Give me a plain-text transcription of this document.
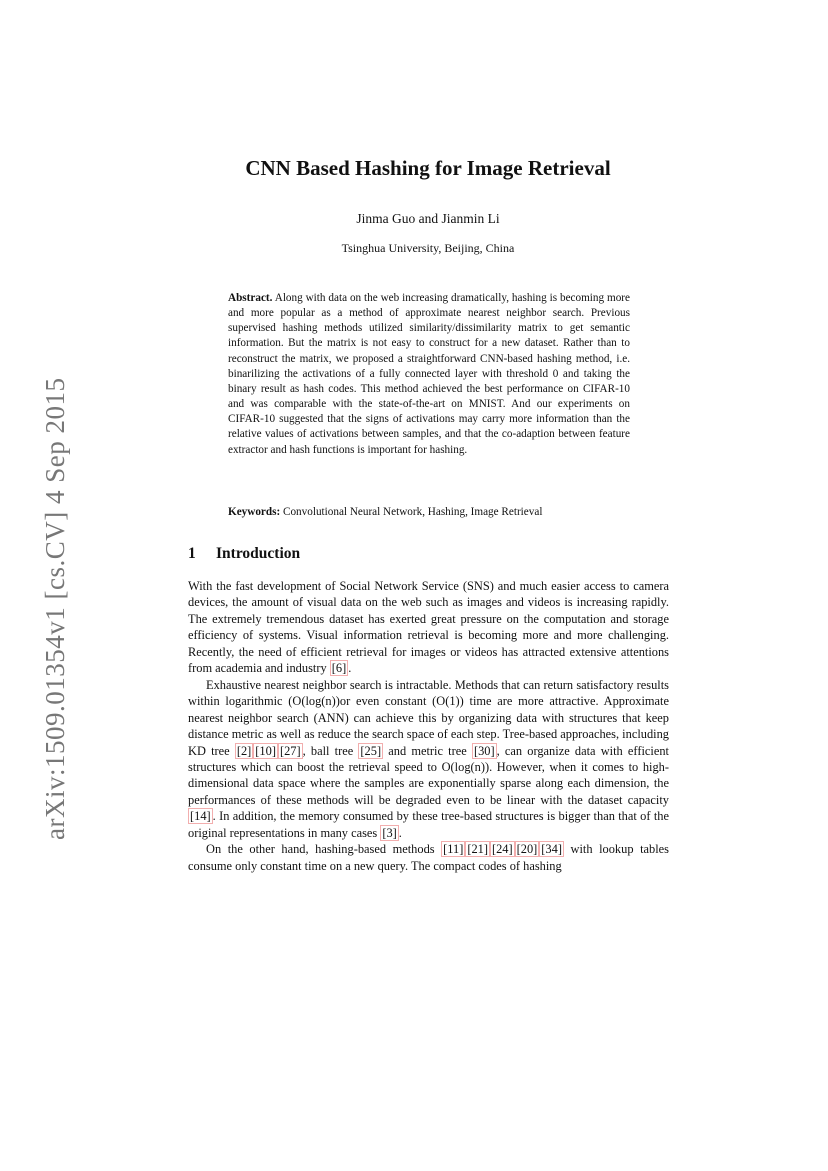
arXiv:1509.01354v1 [cs.CV] 4 Sep 2015
CNN Based Hashing for Image Retrieval
Jinma Guo and Jianmin Li
Tsinghua University, Beijing, China
Abstract. Along with data on the web increasing dramatically, hashing is becoming more and more popular as a method of approximate nearest neighbor search. Previous supervised hashing methods utilized similarity/dissimilarity matrix to get semantic information. But the matrix is not easy to construct for a new dataset. Rather than to reconstruct the matrix, we proposed a straightforward CNN-based hashing method, i.e. binarilizing the activations of a fully connected layer with threshold 0 and taking the binary result as hash codes. This method achieved the best performance on CIFAR-10 and was comparable with the state-of-the-art on MNIST. And our experiments on CIFAR-10 suggested that the signs of activations may carry more information than the relative values of activations between samples, and that the co-adaption between feature extractor and hash functions is important for hashing.
Keywords: Convolutional Neural Network, Hashing, Image Retrieval
1 Introduction

With the fast development of Social Network Service (SNS) and much easier access to camera devices, the amount of visual data on the web such as images and videos is increasing rapidly. The extremely tremendous dataset has exerted great pressure on the computation and storage efficiency of systems. Visual information retrieval is becoming more and more challenging. Recently, the need of efficient retrieval for images or videos has attracted extensive attentions from academia and industry [6] .

Exhaustive nearest neighbor search is intractable. Methods that can return satisfactory results within logarithmic (O(log(n))or even constant (O(1)) time are more attractive. Approximate nearest neighbor search (ANN) can achieve this by organizing data with structures that keep distance metric as well as reduce the search space of each step. Tree-based approaches, including KD tree [2] [10] [27] , ball tree [25] and metric tree [30] , can organize data with efficient structures which can boost the retrieval speed to O(log(n)). However, when it comes to high-dimensional data space where the samples are exponentially sparse along each dimension, the performances of these methods will be degraded even to be linear with the dataset capacity [14] . In addition, the memory consumed by these tree-based structures is bigger than that of the original representations in many cases [3] .

On the other hand, hashing-based methods [11] [21] [24] [20] [34] with lookup tables consume only constant time on a new query. The compact codes of hashing
